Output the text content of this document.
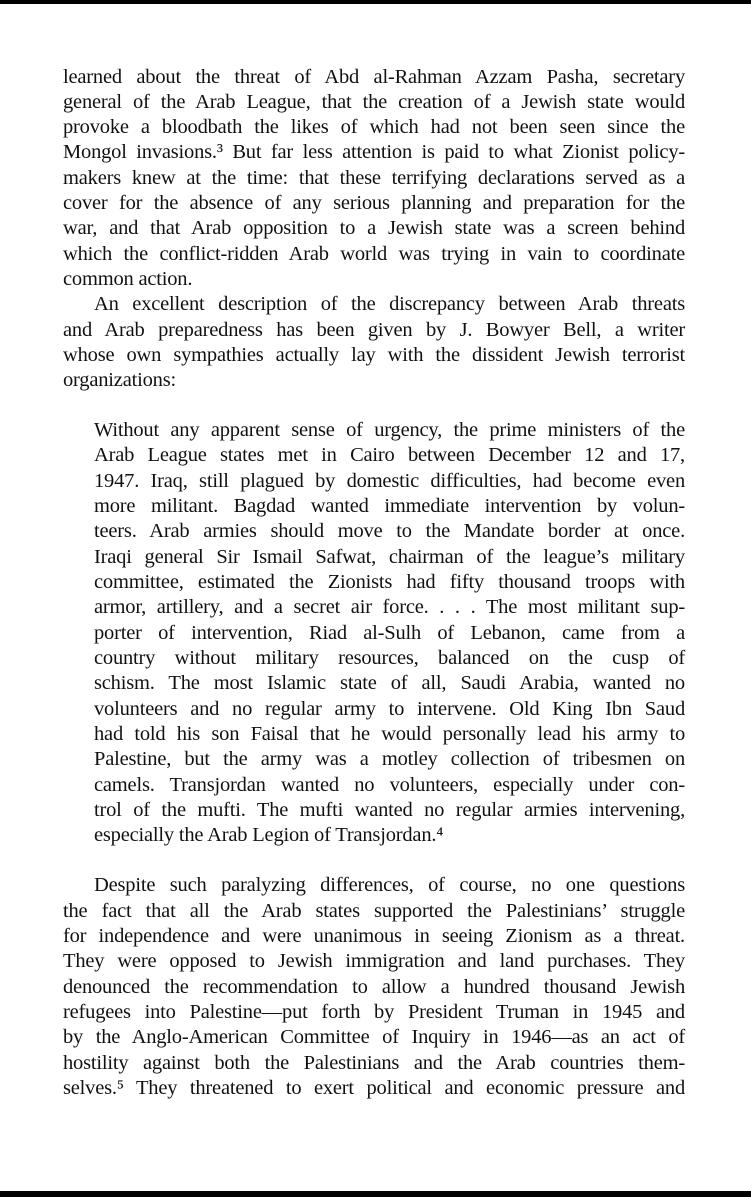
learned about the threat of Abd al-Rahman Azzam Pasha, secretary
general of the Arab League, that the creation of a Jewish state would
provoke a bloodbath the likes of which had not been seen since the
Mongol invasions.³ But far less attention is paid to what Zionist policy-
makers knew at the time: that these terrifying declarations served as a
cover for the absence of any serious planning and preparation for the
war, and that Arab opposition to a Jewish state was a screen behind
which the conflict-ridden Arab world was trying in vain to coordinate
common action.
An excellent description of the discrepancy between Arab threats
and Arab preparedness has been given by J. Bowyer Bell, a writer
whose own sympathies actually lay with the dissident Jewish terrorist
organizations:
Without any apparent sense of urgency, the prime ministers of the
Arab League states met in Cairo between December 12 and 17,
1947. Iraq, still plagued by domestic difficulties, had become even
more militant. Bagdad wanted immediate intervention by volun-
teers. Arab armies should move to the Mandate border at once.
Iraqi general Sir Ismail Safwat, chairman of the league’s military
committee, estimated the Zionists had fifty thousand troops with
armor, artillery, and a secret air force. . . . The most militant sup-
porter of intervention, Riad al-Sulh of Lebanon, came from a
country without military resources, balanced on the cusp of
schism. The most Islamic state of all, Saudi Arabia, wanted no
volunteers and no regular army to intervene. Old King Ibn Saud
had told his son Faisal that he would personally lead his army to
Palestine, but the army was a motley collection of tribesmen on
camels. Transjordan wanted no volunteers, especially under con-
trol of the mufti. The mufti wanted no regular armies intervening,
especially the Arab Legion of Transjordan.⁴
Despite such paralyzing differences, of course, no one questions
the fact that all the Arab states supported the Palestinians’ struggle
for independence and were unanimous in seeing Zionism as a threat.
They were opposed to Jewish immigration and land purchases. They
denounced the recommendation to allow a hundred thousand Jewish
refugees into Palestine—put forth by President Truman in 1945 and
by the Anglo-American Committee of Inquiry in 1946—as an act of
hostility against both the Palestinians and the Arab countries them-
selves.⁵ They threatened to exert political and economic pressure and
